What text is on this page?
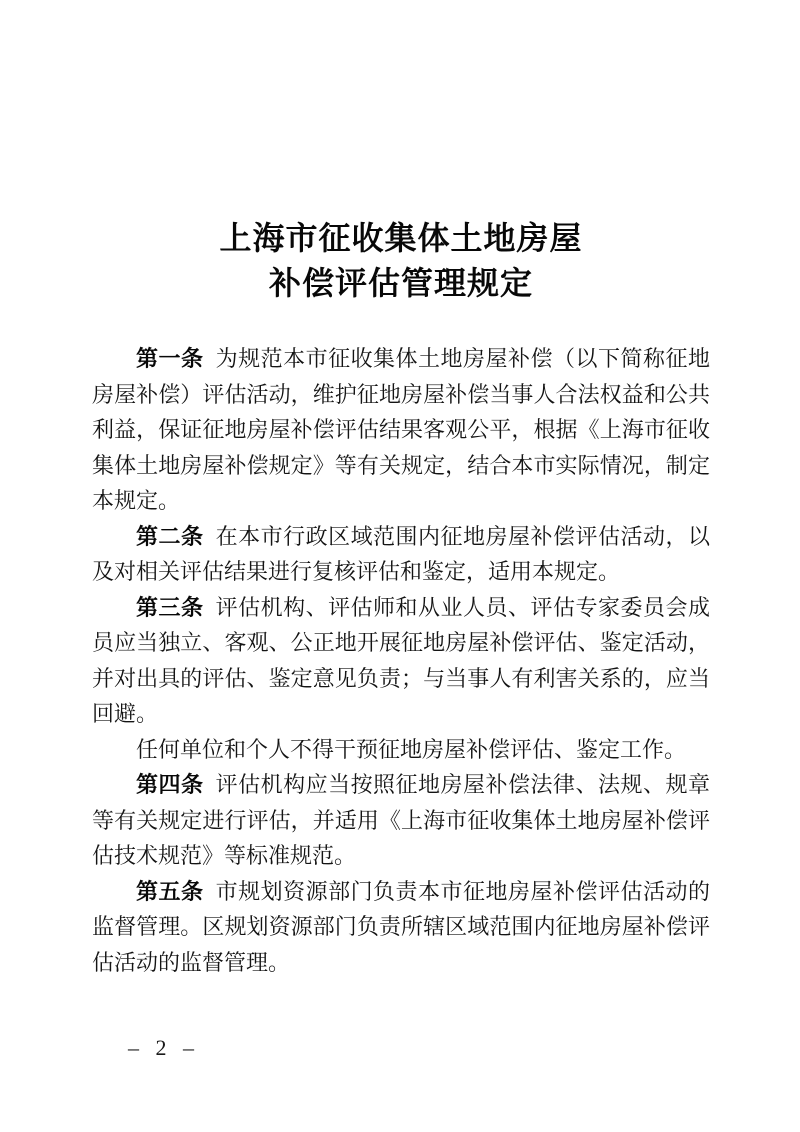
上海市征收集体土地房屋
补偿评估管理规定

第一条 为规范本市征收集体土地房屋补偿（以下简称征地房屋补偿）评估活动，维护征地房屋补偿当事人合法权益和公共利益，保证征地房屋补偿评估结果客观公平，根据《上海市征收集体土地房屋补偿规定》等有关规定，结合本市实际情况，制定本规定。

第二条 在本市行政区域范围内征地房屋补偿评估活动，以及对相关评估结果进行复核评估和鉴定，适用本规定。

第三条 评估机构、评估师和从业人员、评估专家委员会成员应当独立、客观、公正地开展征地房屋补偿评估、鉴定活动，并对出具的评估、鉴定意见负责；与当事人有利害关系的，应当回避。

任何单位和个人不得干预征地房屋补偿评估、鉴定工作。

第四条 评估机构应当按照征地房屋补偿法律、法规、规章等有关规定进行评估，并适用《上海市征收集体土地房屋补偿评估技术规范》等标准规范。

第五条 市规划资源部门负责本市征地房屋补偿评估活动的监督管理。区规划资源部门负责所辖区域范围内征地房屋补偿评估活动的监督管理。

– 2 –
